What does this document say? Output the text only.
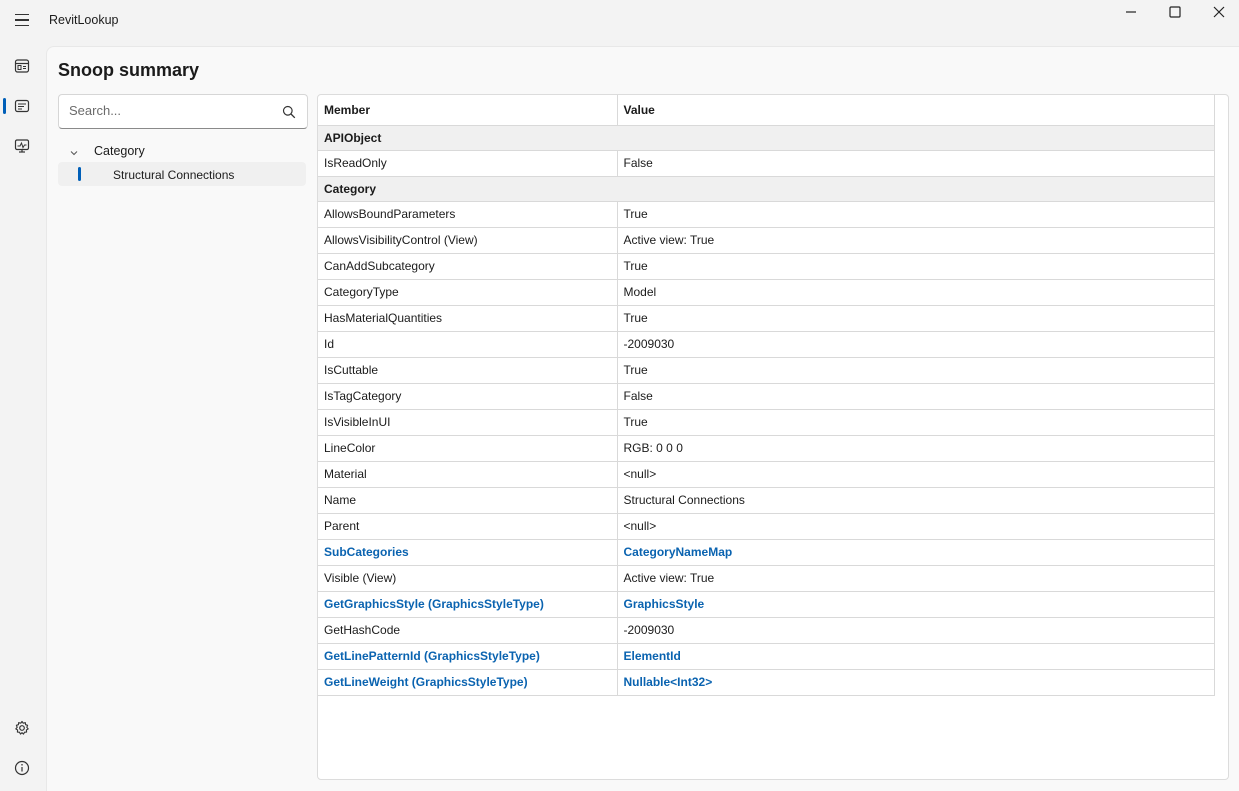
RevitLookup
Snoop summary
Search...
Category
Structural Connections
Member	Value
APIObject	
IsReadOnly	False
Category	
AllowsBoundParameters	True
AllowsVisibilityControl (View)	Active view: True
CanAddSubcategory	True
CategoryType	Model
HasMaterialQuantities	True
Id	-2009030
IsCuttable	True
IsTagCategory	False
IsVisibleInUI	True
LineColor	RGB: 0 0 0
Material	<null>
Name	Structural Connections
Parent	<null>
SubCategories	CategoryNameMap
Visible (View)	Active view: True
GetGraphicsStyle (GraphicsStyleType)	GraphicsStyle
GetHashCode	-2009030
GetLinePatternId (GraphicsStyleType)	ElementId
GetLineWeight (GraphicsStyleType)	Nullable<Int32>
